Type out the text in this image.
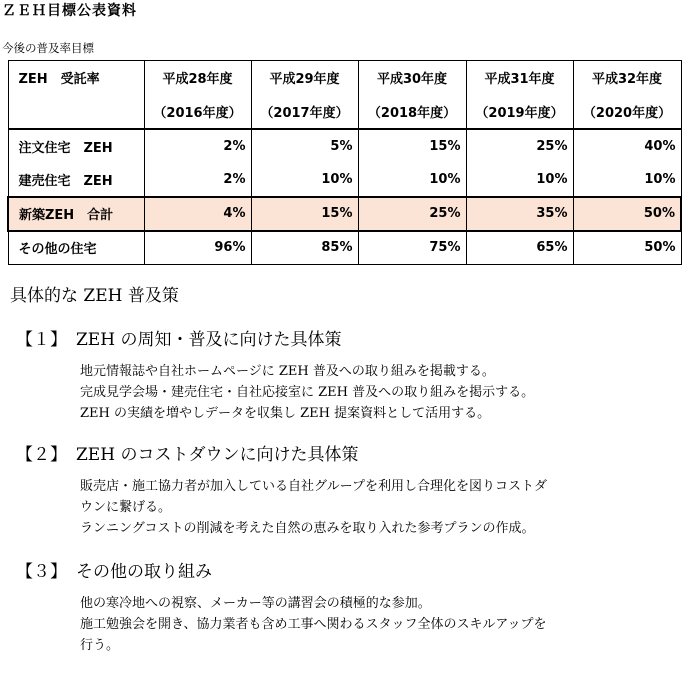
ＺＥＨ目標公表資料
今後の普及率目標
ZEH　受託率	平成28年度	平成29年度	平成30年度	平成31年度	平成32年度
	（2016年度）	（2017年度）	（2018年度）	（2019年度）	（2020年度）
注文住宅　ZEH	2%	5%	15%	25%	40%
建売住宅　ZEH	2%	10%	10%	10%	10%
新築ZEH　合計	4%	15%	25%	35%	50%
その他の住宅	96%	85%	75%	65%	50%
具体的な ZEH 普及策
【１】 ZEH の周知・普及に向けた具体策
地元情報誌や自社ホームページに ZEH 普及への取り組みを掲載する。
完成見学会場・建売住宅・自社応接室に ZEH 普及への取り組みを掲示する。
ZEH の実績を増やしデータを収集し ZEH 提案資料として活用する。
【２】 ZEH のコストダウンに向けた具体策
販売店・施工協力者が加入している自社グループを利用し合理化を図りコストダ
ウンに繋げる。
ランニングコストの削減を考えた自然の恵みを取り入れた参考プランの作成。
【３】 その他の取り組み
他の寒冷地への視察、メーカー等の講習会の積極的な参加。
施工勉強会を開き、協力業者も含め工事へ関わるスタッフ全体のスキルアップを
行う。
